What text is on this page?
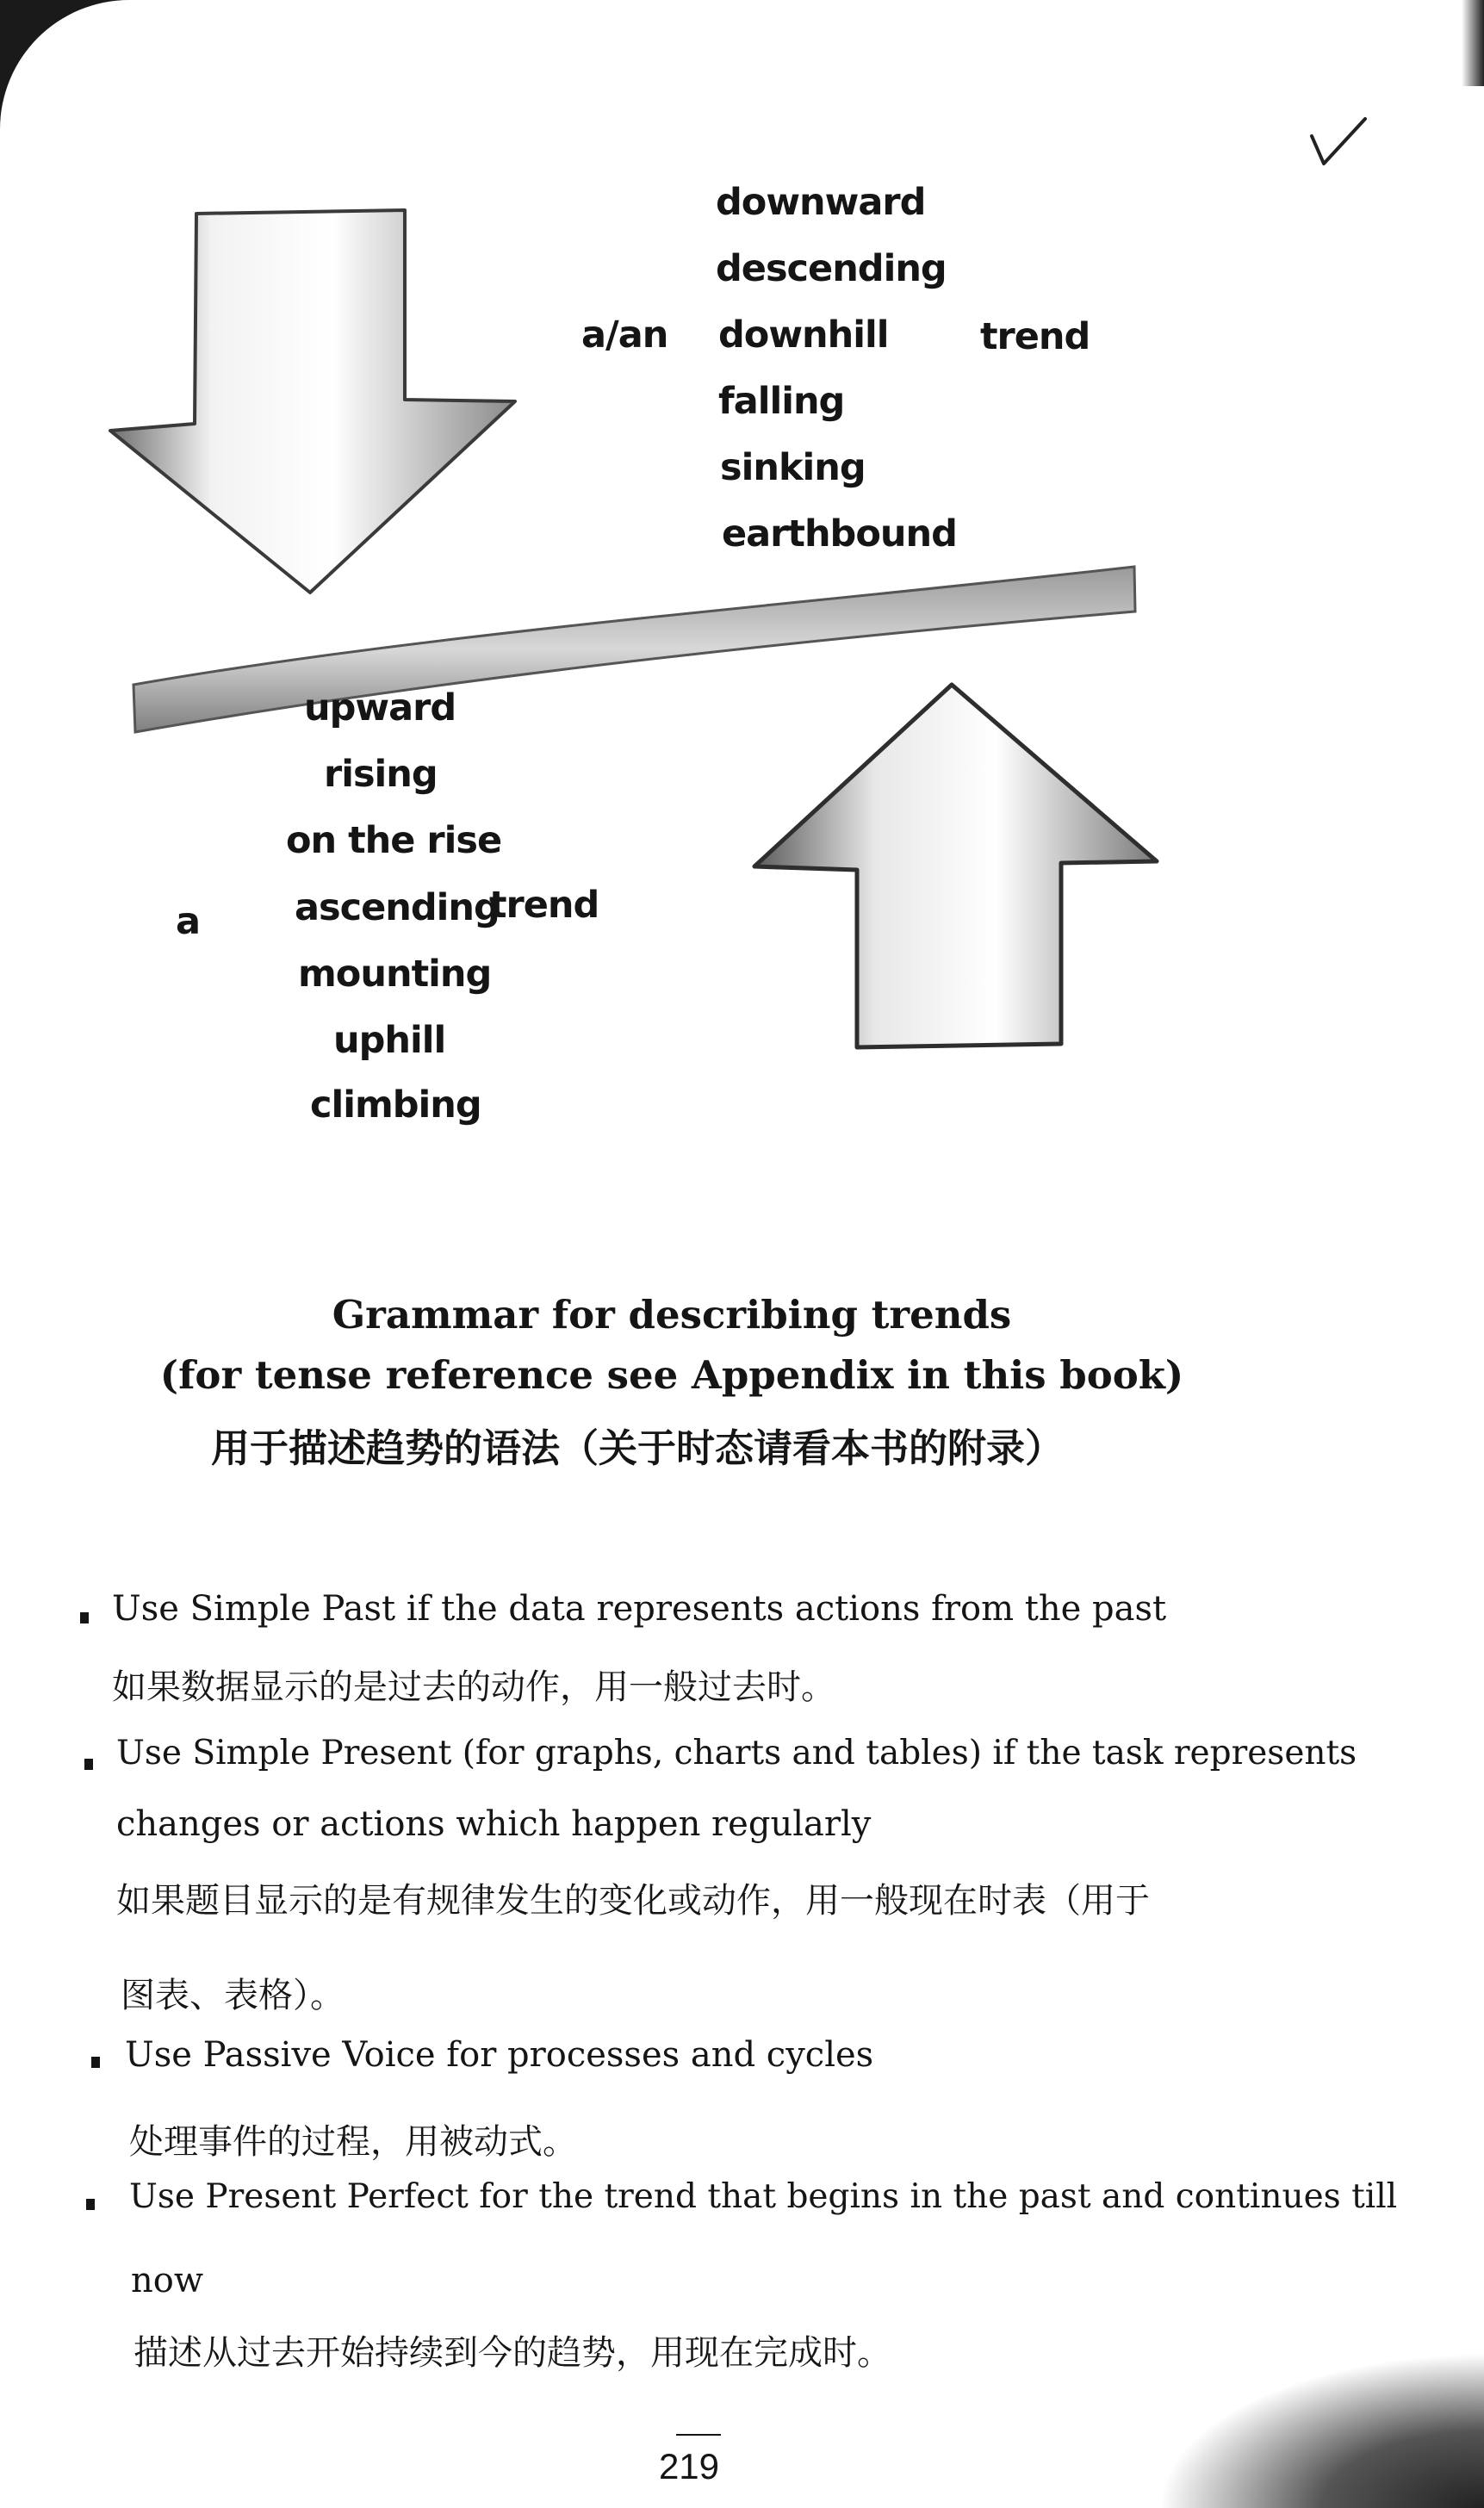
a/an
downward
descending
downhill
falling
sinking
earthbound
trend
upward
rising
on the rise
a	ascending
trend
mounting
uphill
climbing
Grammar for describing trends
(for tense reference see Appendix in this book)
用于描述趋势的语法（关于时态请看本书的附录）
Use Simple Past if the data represents actions from the past
如果数据显示的是过去的动作，用一般过去时。
Use Simple Present (for graphs, charts and tables) if the task represents
changes or actions which happen regularly
如果题目显示的是有规律发生的变化或动作，用一般现在时表（用于
图表、表格）。
Use Passive Voice for processes and cycles
处理事件的过程，用被动式。
Use Present Perfect for the trend that begins in the past and continues till
now
描述从过去开始持续到今的趋势，用现在完成时。
219
